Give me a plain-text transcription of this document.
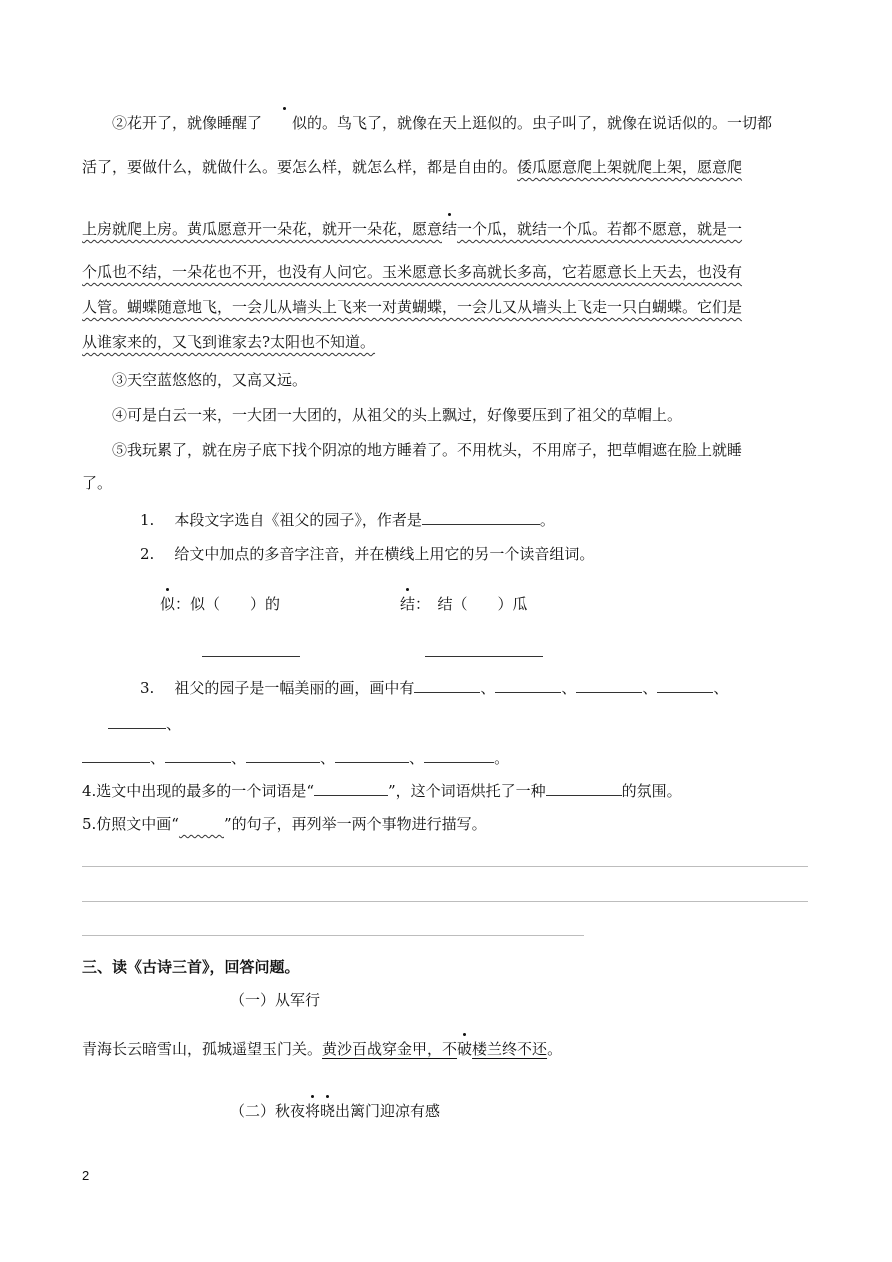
②花开了，就像睡醒了 似的。鸟飞了，就像在天上逛似的。虫子叫了，就像在说话似的。一切都
活了，要做什么，就做什么。要怎么样，就怎么样，都是自由的。倭瓜愿意爬上架就爬上架，愿意爬
上房就爬上房。黄瓜愿意开一朵花，就开一朵花，愿意结一个瓜，就结一个瓜。若都不愿意，就是一
个瓜也不结，一朵花也不开，也没有人问它。玉米愿意长多高就长多高，它若愿意长上天去，也没有
人管。蝴蝶随意地飞，一会儿从墙头上飞来一对黄蝴蝶，一会儿又从墙头上飞走一只白蝴蝶。它们是
从谁家来的，又飞到谁家去?太阳也不知道。
③天空蓝悠悠的，又高又远。
④可是白云一来，一大团一大团的，从祖父的头上飘过，好像要压到了祖父的草帽上。
⑤我玩累了，就在房子底下找个阴凉的地方睡着了。不用枕头，不用席子，把草帽遮在脸上就睡
了。
1. 本段文字选自《祖父的园子》，作者是	。
2. 给文中加点的多音字注音，并在横线上用它的另一个读音组词。
似：似（　　）的	结：　结（　　）瓜
3. 祖父的园子是一幅美丽的画，画中有	、	、	、	、
、
、	、	、	、	。
4.选文中出现的最多的一个词语是“	”，这个词语烘托了一种	的氛围。
5.仿照文中画“　　　	”的句子，再列举一两个事物进行描写。
三、读《古诗三首》，回答问题。
（一）从军行
青海长云暗雪山，孤城遥望玉门关。黄沙百战穿金甲，不破楼兰终不还。
（二）秋夜将晓出篱门迎凉有感
2
